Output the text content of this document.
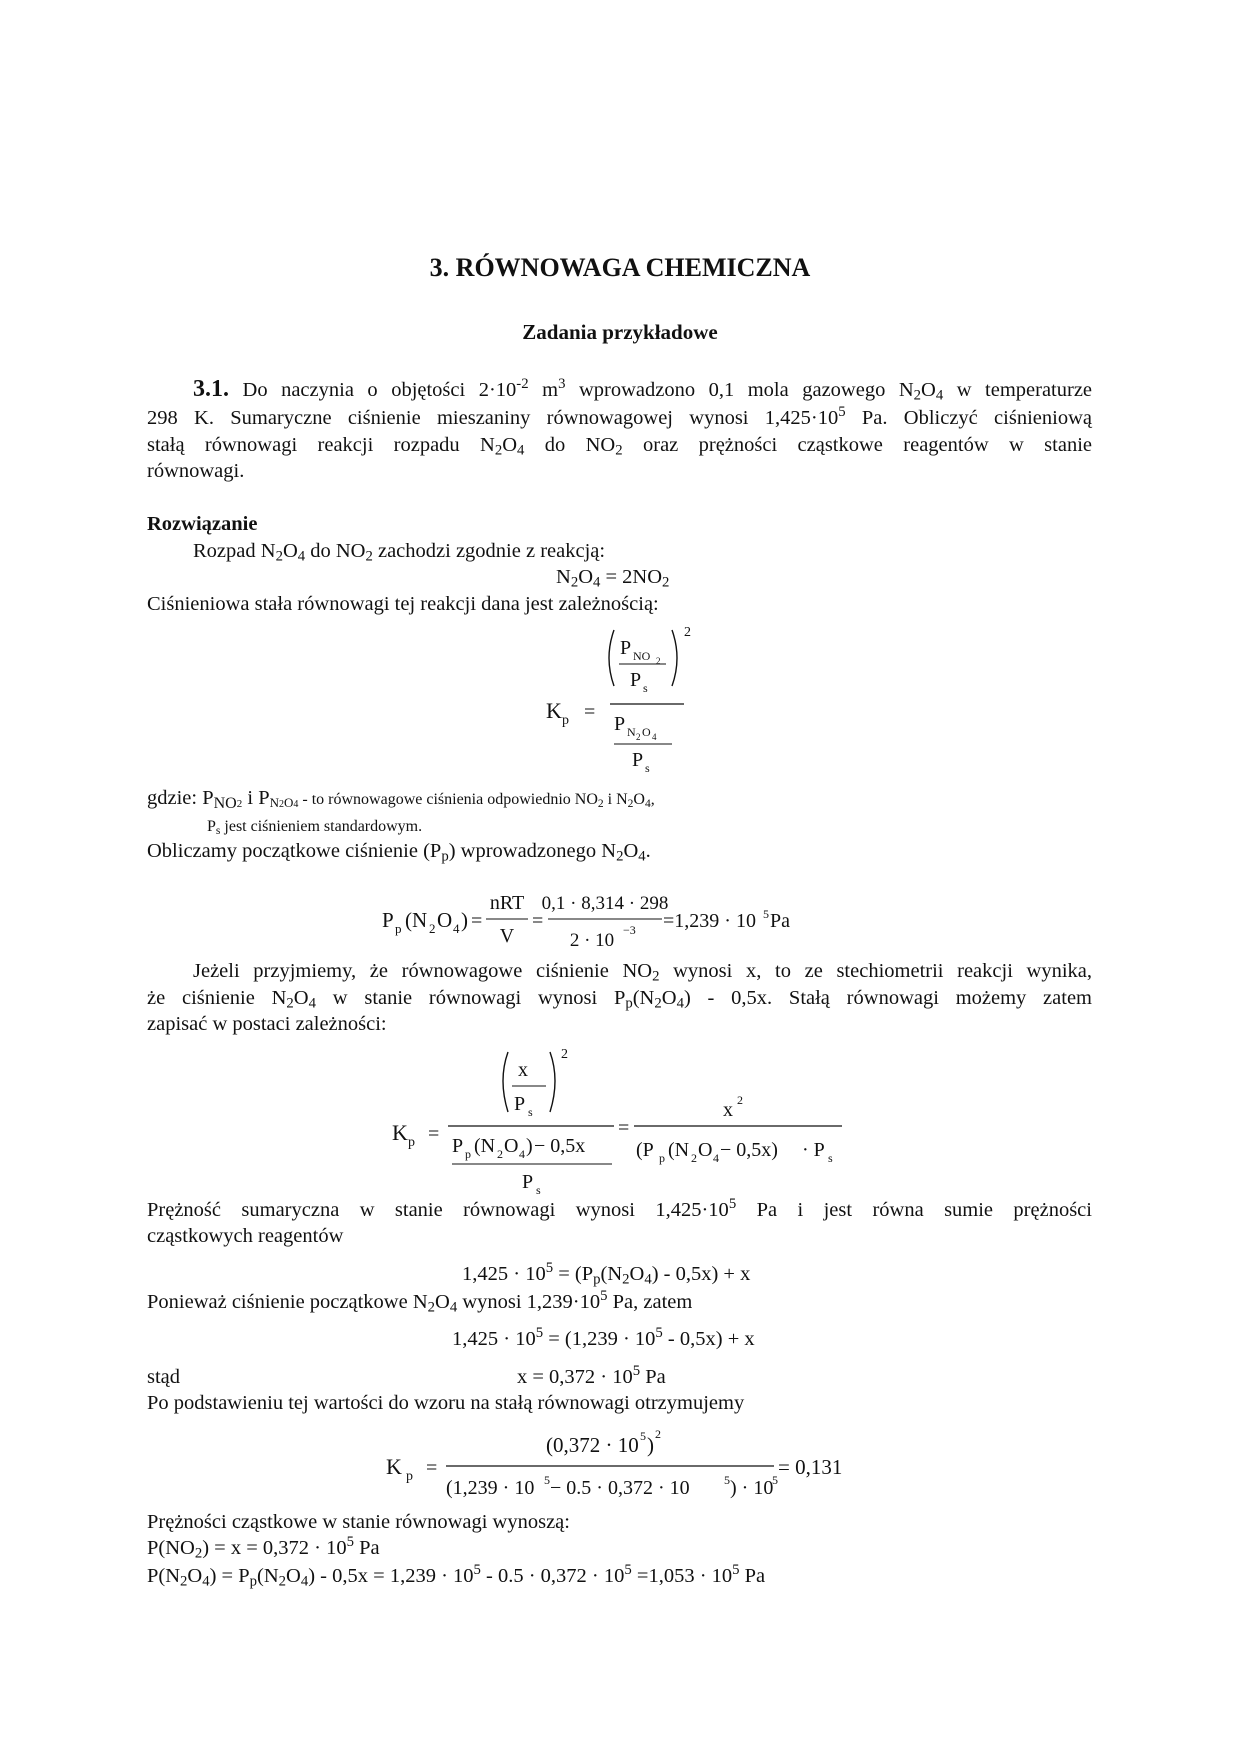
3. RÓWNOWAGA CHEMICZNA
Zadania przykładowe
3.1. Do naczynia o objętości $2\cdot 10^{-2}$ $m^3$ wprowadzono 0,1 mola gazowego $N_2O_4$ w temperaturze
298 K. Sumaryczne ciśnienie mieszaniny równowagowej wynosi $1,425\cdot 10^5$ Pa. Obliczyć ciśnieniową
stałą równowagi reakcji rozpadu $N_2O_4$ do $NO_2$ oraz prężności cząstkowe reagentów w stanie
równowagi.
Rozwiązanie
Rozpad $N_2O_4$ do $NO_2$ zachodzi zgodnie z reakcją:
$N_2O_4 = 2NO_2$
Ciśnieniowa stała równowagi tej reakcji dana jest zależnością:
K p =
2
P NO 2
P s
P N 2 O 4
P s
gdzie: $P_{NO2}$ i $P_{N2O4}$ - to równowagowe ciśnienia odpowiednio $NO_2$ i $N_2O_4$,
$P_s$ jest ciśnieniem standardowym.
Obliczamy początkowe ciśnienie $(P_p)$ wprowadzonego $N_2O_4$.
P p (N 2 O 4 ) =
nRT
V
=
0,1 · 8,314 · 298
2 · 10 −3 =1,239 · 10 5 Pa
Jeżeli przyjmiemy, że równowagowe ciśnienie $NO_2$ wynosi x, to ze stechiometrii reakcji wynika,
że ciśnienie $N_2O_4$ w stanie równowagi wynosi $P_p(N_2O_4) - 0,5x$. Stałą równowagi możemy zatem
zapisać w postaci zależności:
K p =
2
x
P s
P p (N 2 O 4 ) − 0,5x
P s
=
x 2
(P p (N 2 O 4 − 0,5x) · P s
Prężność sumaryczna w stanie równowagi wynosi $1,425\cdot 10^5$ Pa i jest równa sumie prężności
cząstkowych reagentów
$1,425 \cdot 10^5 = (P_p(N_2O_4) - 0,5x) + x$
Ponieważ ciśnienie początkowe $N_2O_4$ wynosi $1,239\cdot 10^5$ Pa, zatem
$1,425 \cdot 10^5 = (1,239 \cdot 10^5 - 0,5x) + x$
stąd	$x = 0,372 \cdot 10^5$ Pa
Po podstawieniu tej wartości do wzoru na stałą równowagi otrzymujemy
K p =
(0,372 · 10 5 ) 2
(1,239 · 10 5 − 0.5 · 0,372 · 10	5 ) · 10
5
= 0,131
Prężności cząstkowe w stanie równowagi wynoszą:
$P(NO_2) = x = 0,372 \cdot 10^5$ Pa
$P(N_2O_4) = P_p(N_2O_4) - 0,5x = 1,239 \cdot 10^5 - 0.5 \cdot 0,372 \cdot 10^5 =1,053 \cdot 10^5$ Pa
